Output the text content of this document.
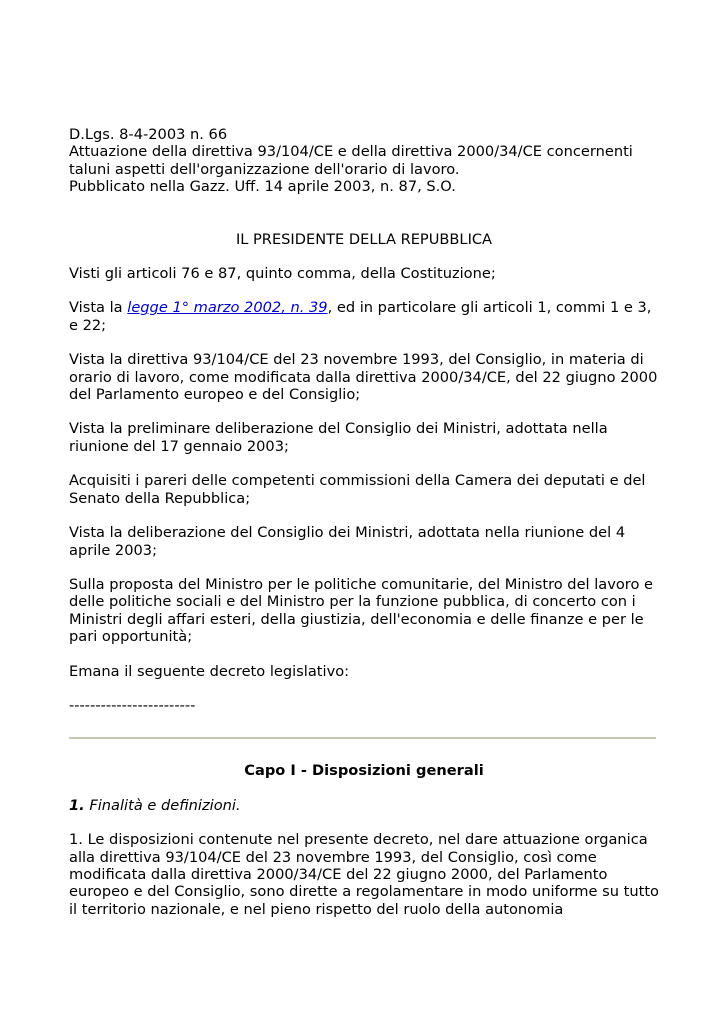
D.Lgs. 8-4-2003 n. 66
Attuazione della direttiva 93/104/CE e della direttiva 2000/34/CE concernenti
taluni aspetti dell'organizzazione dell'orario di lavoro.
Pubblicato nella Gazz. Uff. 14 aprile 2003, n. 87, S.O.

IL PRESIDENTE DELLA REPUBBLICA

Visti gli articoli 76 e 87, quinto comma, della Costituzione;

Vista la legge 1° marzo 2002, n. 39, ed in particolare gli articoli 1, commi 1 e 3, e 22;

Vista la direttiva 93/104/CE del 23 novembre 1993, del Consiglio, in materia di orario di lavoro, come modificata dalla direttiva 2000/34/CE, del 22 giugno 2000 del Parlamento europeo e del Consiglio;

Vista la preliminare deliberazione del Consiglio dei Ministri, adottata nella riunione del 17 gennaio 2003;

Acquisiti i pareri delle competenti commissioni della Camera dei deputati e del Senato della Repubblica;

Vista la deliberazione del Consiglio dei Ministri, adottata nella riunione del 4 aprile 2003;

Sulla proposta del Ministro per le politiche comunitarie, del Ministro del lavoro e delle politiche sociali e del Ministro per la funzione pubblica, di concerto con i Ministri degli affari esteri, della giustizia, dell'economia e delle finanze e per le pari opportunità;

Emana il seguente decreto legislativo:

------------------------

Capo I - Disposizioni generali

1. Finalità e definizioni.

1. Le disposizioni contenute nel presente decreto, nel dare attuazione organica alla direttiva 93/104/CE del 23 novembre 1993, del Consiglio, così come modificata dalla direttiva 2000/34/CE del 22 giugno 2000, del Parlamento europeo e del Consiglio, sono dirette a regolamentare in modo uniforme su tutto il territorio nazionale, e nel pieno rispetto del ruolo della autonomia
